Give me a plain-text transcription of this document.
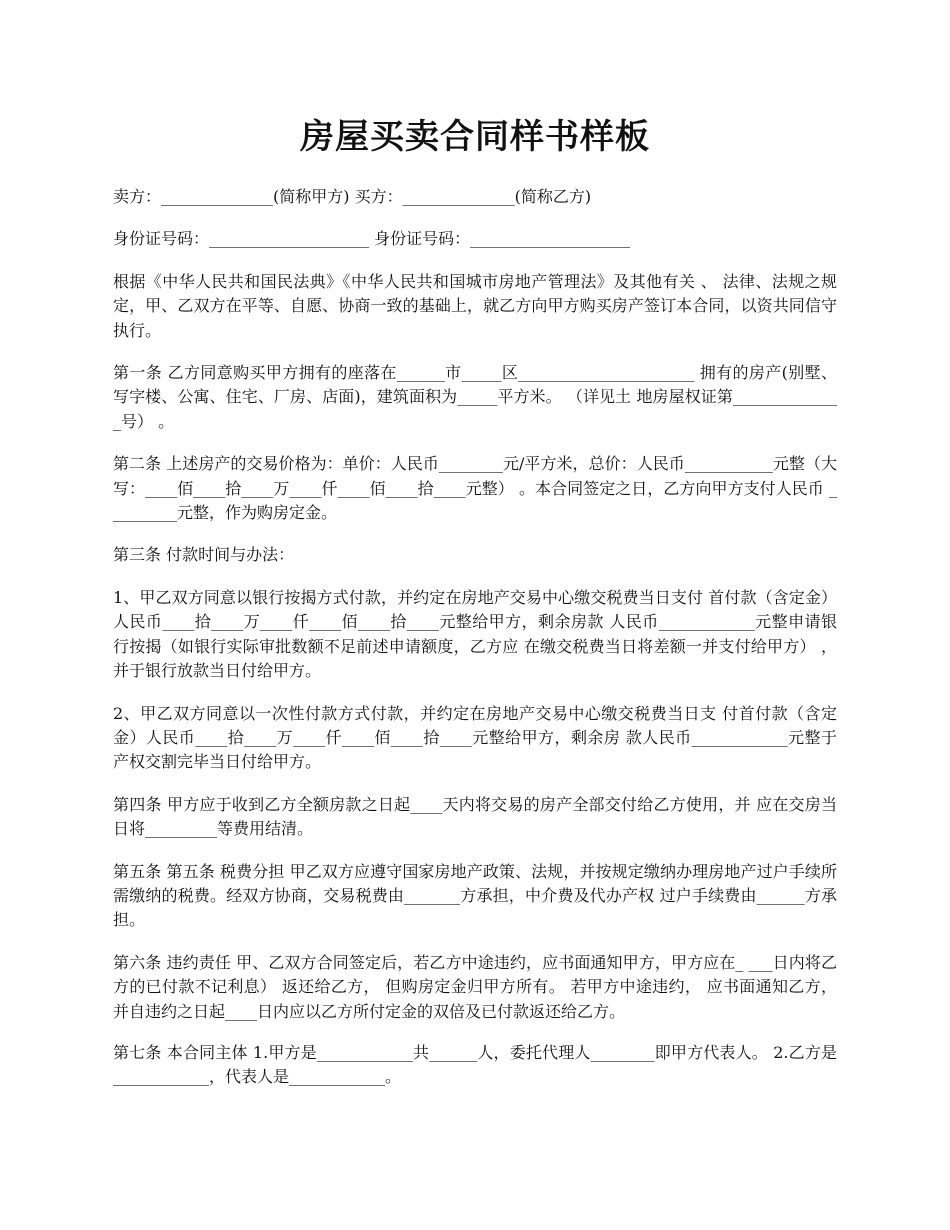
房屋买卖合同样书样板

卖方：______________(简称甲方) 买方：______________(简称乙方)

身份证号码：____________________ 身份证号码：____________________

根据《中华人民共和国民法典》《中华人民共和国城市房地产管理法》及其他有关 、 法律、法规之规定，甲、乙双方在平等、自愿、协商一致的基础上，就乙方向甲方购买房产签订本合同，以资共同信守执行。

第一条 乙方同意购买甲方拥有的座落在______市_____区______________________ 拥有的房产(别墅、写字楼、公寓、住宅、厂房、店面)，建筑面积为_____平方米。 （详见土 地房屋权证第______________号） 。

第二条 上述房产的交易价格为：单价：人民币________元/平方米，总价：人民币___________元整（大写：____佰____拾____万____仟____佰____拾____元整） 。本合同签定之日，乙方向甲方支付人民币 _________元整，作为购房定金。

第三条 付款时间与办法：

1、甲乙双方同意以银行按揭方式付款，并约定在房地产交易中心缴交税费当日支付 首付款（含定金）人民币____拾____万____仟____佰____拾____元整给甲方，剩余房款 人民币____________元整申请银行按揭（如银行实际审批数额不足前述申请额度，乙方应 在缴交税费当日将差额一并支付给甲方） ，并于银行放款当日付给甲方。

2、甲乙双方同意以一次性付款方式付款，并约定在房地产交易中心缴交税费当日支 付首付款（含定金）人民币____拾____万____仟____佰____拾____元整给甲方，剩余房 款人民币____________元整于产权交割完毕当日付给甲方。

第四条 甲方应于收到乙方全额房款之日起____天内将交易的房产全部交付给乙方使用，并 应在交房当日将_________等费用结清。

第五条 第五条 税费分担 甲乙双方应遵守国家房地产政策、法规，并按规定缴纳办理房地产过户手续所需缴纳的税费。经双方协商，交易税费由_______方承担，中介费及代办产权 过户手续费由______方承担。

第六条 违约责任 甲、乙双方合同签定后，若乙方中途违约，应书面通知甲方，甲方应在_ ___日内将乙方的已付款不记利息） 返还给乙方， 但购房定金归甲方所有。 若甲方中途违约， 应书面通知乙方，并自违约之日起____日内应以乙方所付定金的双倍及已付款返还给乙方。

第七条 本合同主体 1.甲方是____________共______人，委托代理人________即甲方代表人。 2.乙方是____________，代表人是____________。
